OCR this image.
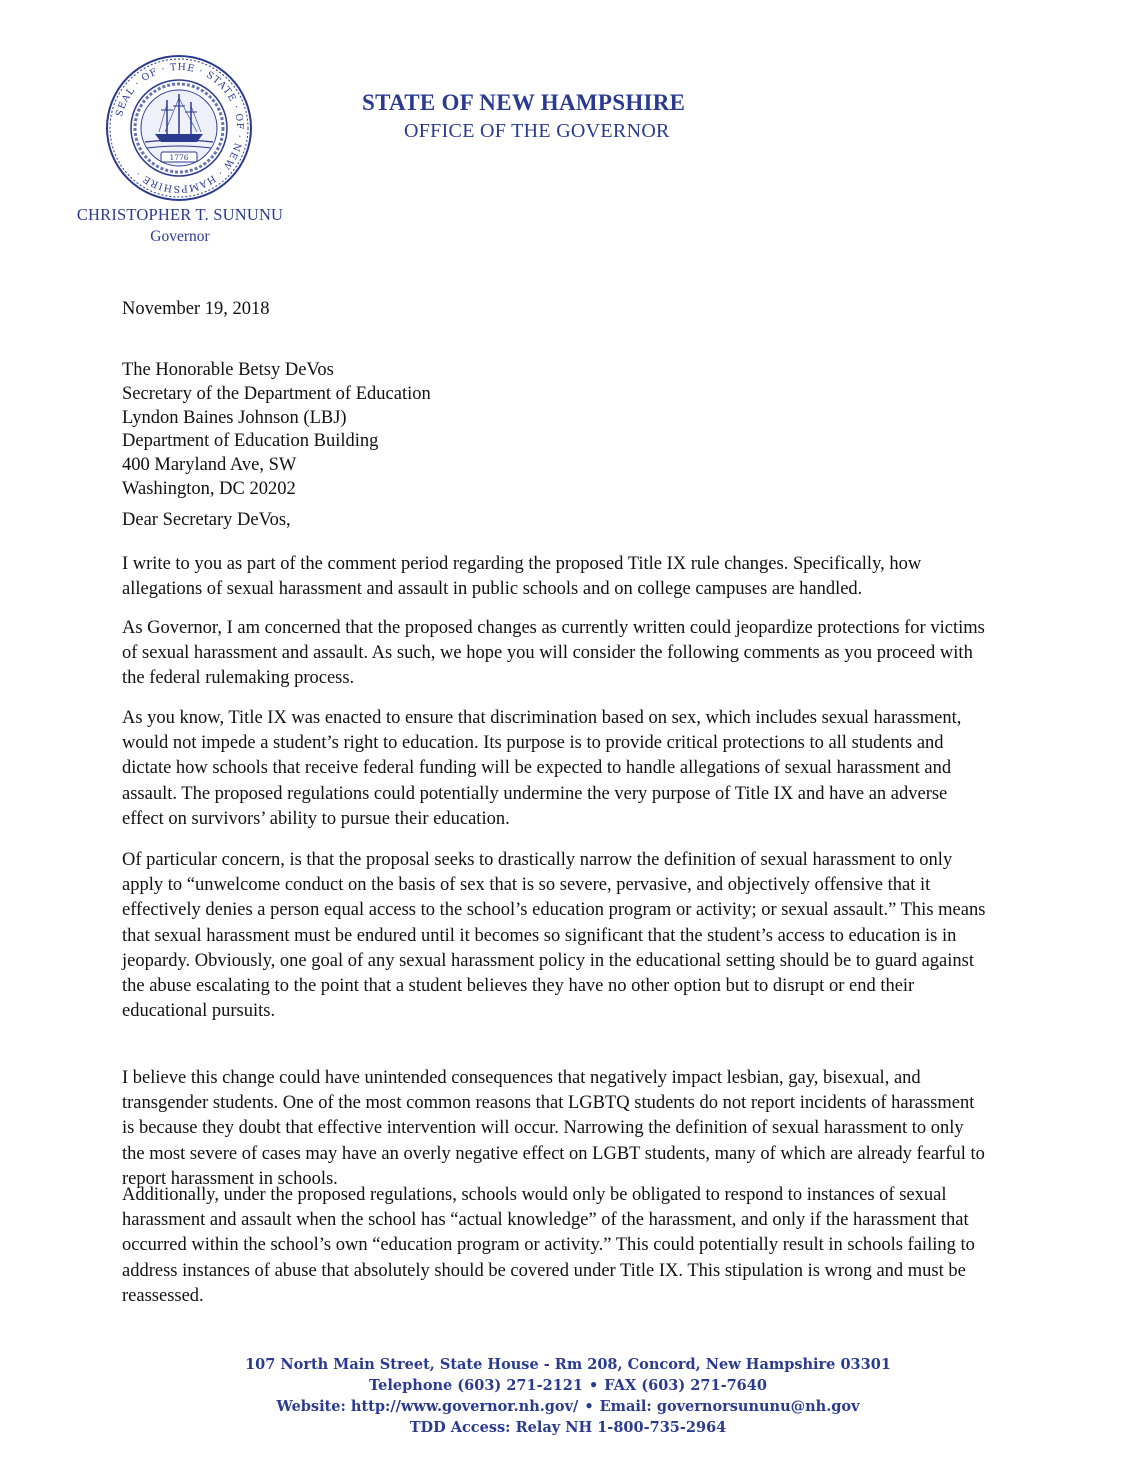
SEAL · OF · THE · STATE · OF · NEW · HAMPSHIRE ·
1776
STATE OF NEW HAMPSHIRE
OFFICE OF THE GOVERNOR
CHRISTOPHER T. SUNUNU
Governor
November 19, 2018
The Honorable Betsy DeVos
Secretary of the Department of Education
Lyndon Baines Johnson (LBJ)
Department of Education Building
400 Maryland Ave, SW
Washington, DC 20202
Dear Secretary DeVos,
I write to you as part of the comment period regarding the proposed Title IX rule changes. Specifically, how allegations of sexual harassment and assault in public schools and on college campuses are handled.
As Governor, I am concerned that the proposed changes as currently written could jeopardize protections for victims of sexual harassment and assault. As such, we hope you will consider the following comments as you proceed with the federal rulemaking process.
As you know, Title IX was enacted to ensure that discrimination based on sex, which includes sexual harassment, would not impede a student’s right to education. Its purpose is to provide critical protections to all students and dictate how schools that receive federal funding will be expected to handle allegations of sexual harassment and assault. The proposed regulations could potentially undermine the very purpose of Title IX and have an adverse effect on survivors’ ability to pursue their education.
Of particular concern, is that the proposal seeks to drastically narrow the definition of sexual harassment to only apply to “unwelcome conduct on the basis of sex that is so severe, pervasive, and objectively offensive that it effectively denies a person equal access to the school’s education program or activity; or sexual assault.” This means that sexual harassment must be endured until it becomes so significant that the student’s access to education is in jeopardy. Obviously, one goal of any sexual harassment policy in the educational setting should be to guard against the abuse escalating to the point that a student believes they have no other option but to disrupt or end their educational pursuits.
I believe this change could have unintended consequences that negatively impact lesbian, gay, bisexual, and transgender students. One of the most common reasons that LGBTQ students do not report incidents of harassment is because they doubt that effective intervention will occur. Narrowing the definition of sexual harassment to only the most severe of cases may have an overly negative effect on LGBT students, many of which are already fearful to report harassment in schools.
Additionally, under the proposed regulations, schools would only be obligated to respond to instances of sexual harassment and assault when the school has “actual knowledge” of the harassment, and only if the harassment that occurred within the school’s own “education program or activity.” This could potentially result in schools failing to address instances of abuse that absolutely should be covered under Title IX. This stipulation is wrong and must be reassessed.
107 North Main Street, State House - Rm 208, Concord, New Hampshire 03301
Telephone (603) 271-2121 • FAX (603) 271-7640
Website: http://www.governor.nh.gov/ • Email: governorsununu@nh.gov
TDD Access: Relay NH 1-800-735-2964
